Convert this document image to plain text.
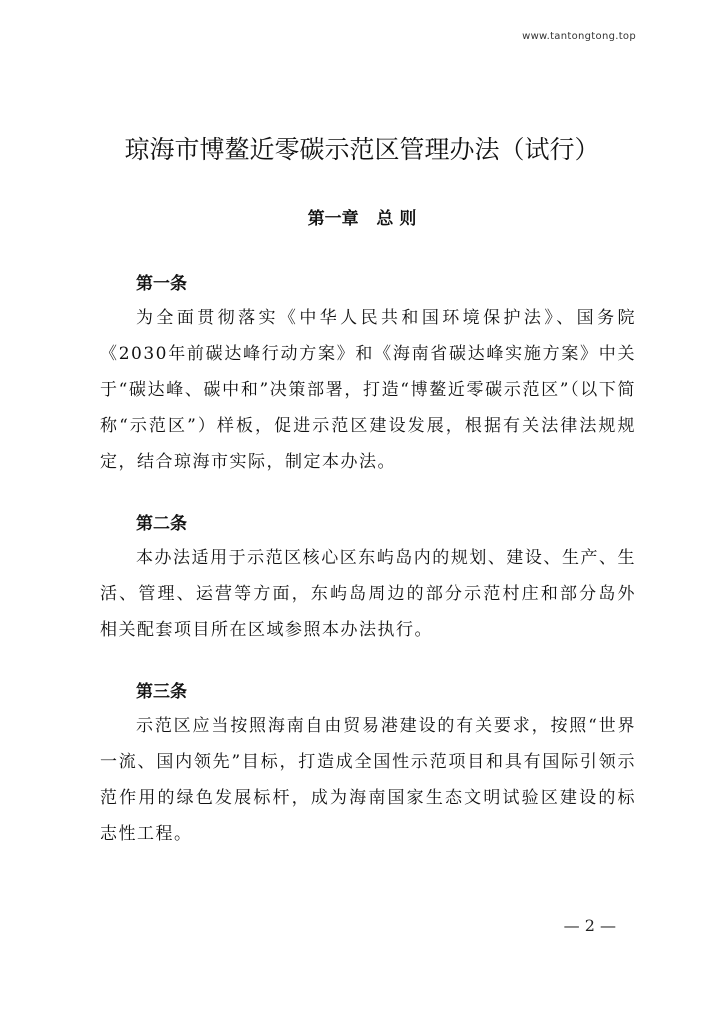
www.tantongtong.top
琼海市博鳌近零碳示范区管理办法（试行）
第一章   总 则
第一条

为全面贯彻落实《中华人民共和国环境保护法》、国务院《2030年前碳达峰行动方案》和《海南省碳达峰实施方案》中关于“碳达峰、碳中和”决策部署，打造“博鳌近零碳示范区”（以下简称“示范区”）样板，促进示范区建设发展，根据有关法律法规规定，结合琼海市实际，制定本办法。

第二条

本办法适用于示范区核心区东屿岛内的规划、建设、生产、生活、管理、运营等方面，东屿岛周边的部分示范村庄和部分岛外相关配套项目所在区域参照本办法执行。

第三条

示范区应当按照海南自由贸易港建设的有关要求，按照“世界一流、国内领先”目标，打造成全国性示范项目和具有国际引领示范作用的绿色发展标杆，成为海南国家生态文明试验区建设的标志性工程。

— 2 —
